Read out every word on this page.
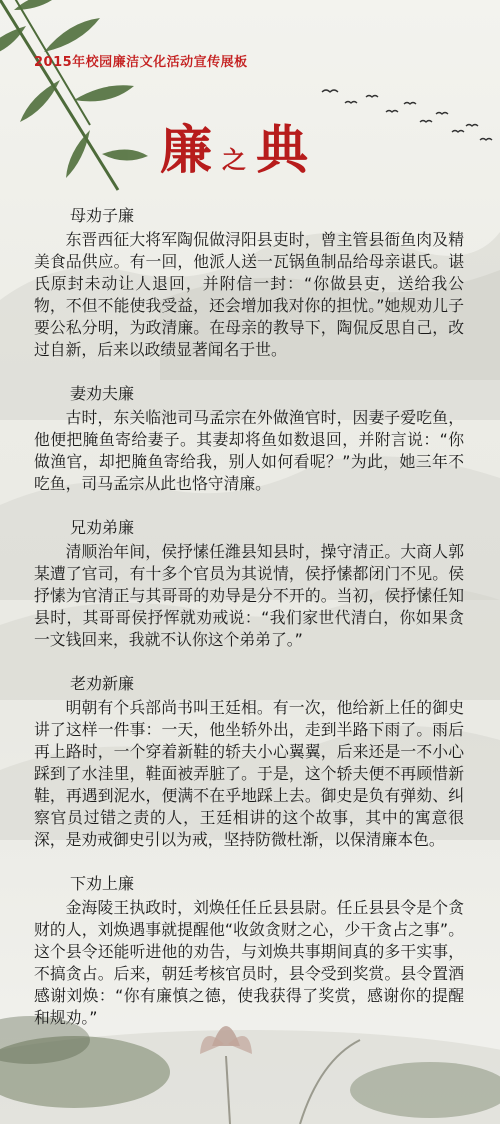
2015年校园廉洁文化活动宣传展板
廉之 典
母劝子廉

东晋西征大将军陶侃做浔阳县吏时，曾主管县衙鱼肉及精美食品供应。有一回，他派人送一瓦锅鱼制品给母亲谌氏。谌氏原封未动让人退回，并附信一封：“你做县吏，送给我公物，不但不能使我受益，还会增加我对你的担忧。”她规劝儿子要公私分明，为政清廉。在母亲的教导下，陶侃反思自己，改过自新，后来以政绩显著闻名于世。

妻劝夫廉

古时，东关临池司马孟宗在外做渔官时，因妻子爱吃鱼，他便把腌鱼寄给妻子。其妻却将鱼如数退回，并附言说：“你做渔官，却把腌鱼寄给我，别人如何看呢？”为此，她三年不吃鱼，司马孟宗从此也恪守清廉。

兄劝弟廉

清顺治年间，侯抒愫任潍县知县时，操守清正。大商人郭某遭了官司，有十多个官员为其说情，侯抒愫都闭门不见。侯抒愫为官清正与其哥哥的劝导是分不开的。当初，侯抒愫任知县时，其哥哥侯抒恽就劝戒说：“我们家世代清白，你如果贪一文钱回来，我就不认你这个弟弟了。”

老劝新廉

明朝有个兵部尚书叫王廷相。有一次，他给新上任的御史讲了这样一件事：一天，他坐轿外出，走到半路下雨了。雨后再上路时，一个穿着新鞋的轿夫小心翼翼，后来还是一不小心踩到了水洼里，鞋面被弄脏了。于是，这个轿夫便不再顾惜新鞋，再遇到泥水，便满不在乎地踩上去。御史是负有弹劾、纠察官员过错之责的人，王廷相讲的这个故事，其中的寓意很深，是劝戒御史引以为戒，坚持防微杜渐，以保清廉本色。

下劝上廉

金海陵王执政时，刘焕任任丘县县尉。任丘县县令是个贪财的人，刘焕遇事就提醒他“收敛贪财之心，少干贪占之事”。这个县令还能听进他的劝告，与刘焕共事期间真的多干实事，不搞贪占。后来，朝廷考核官员时，县令受到奖赏。县令置酒感谢刘焕：“你有廉慎之德，使我获得了奖赏，感谢你的提醒和规劝。”
